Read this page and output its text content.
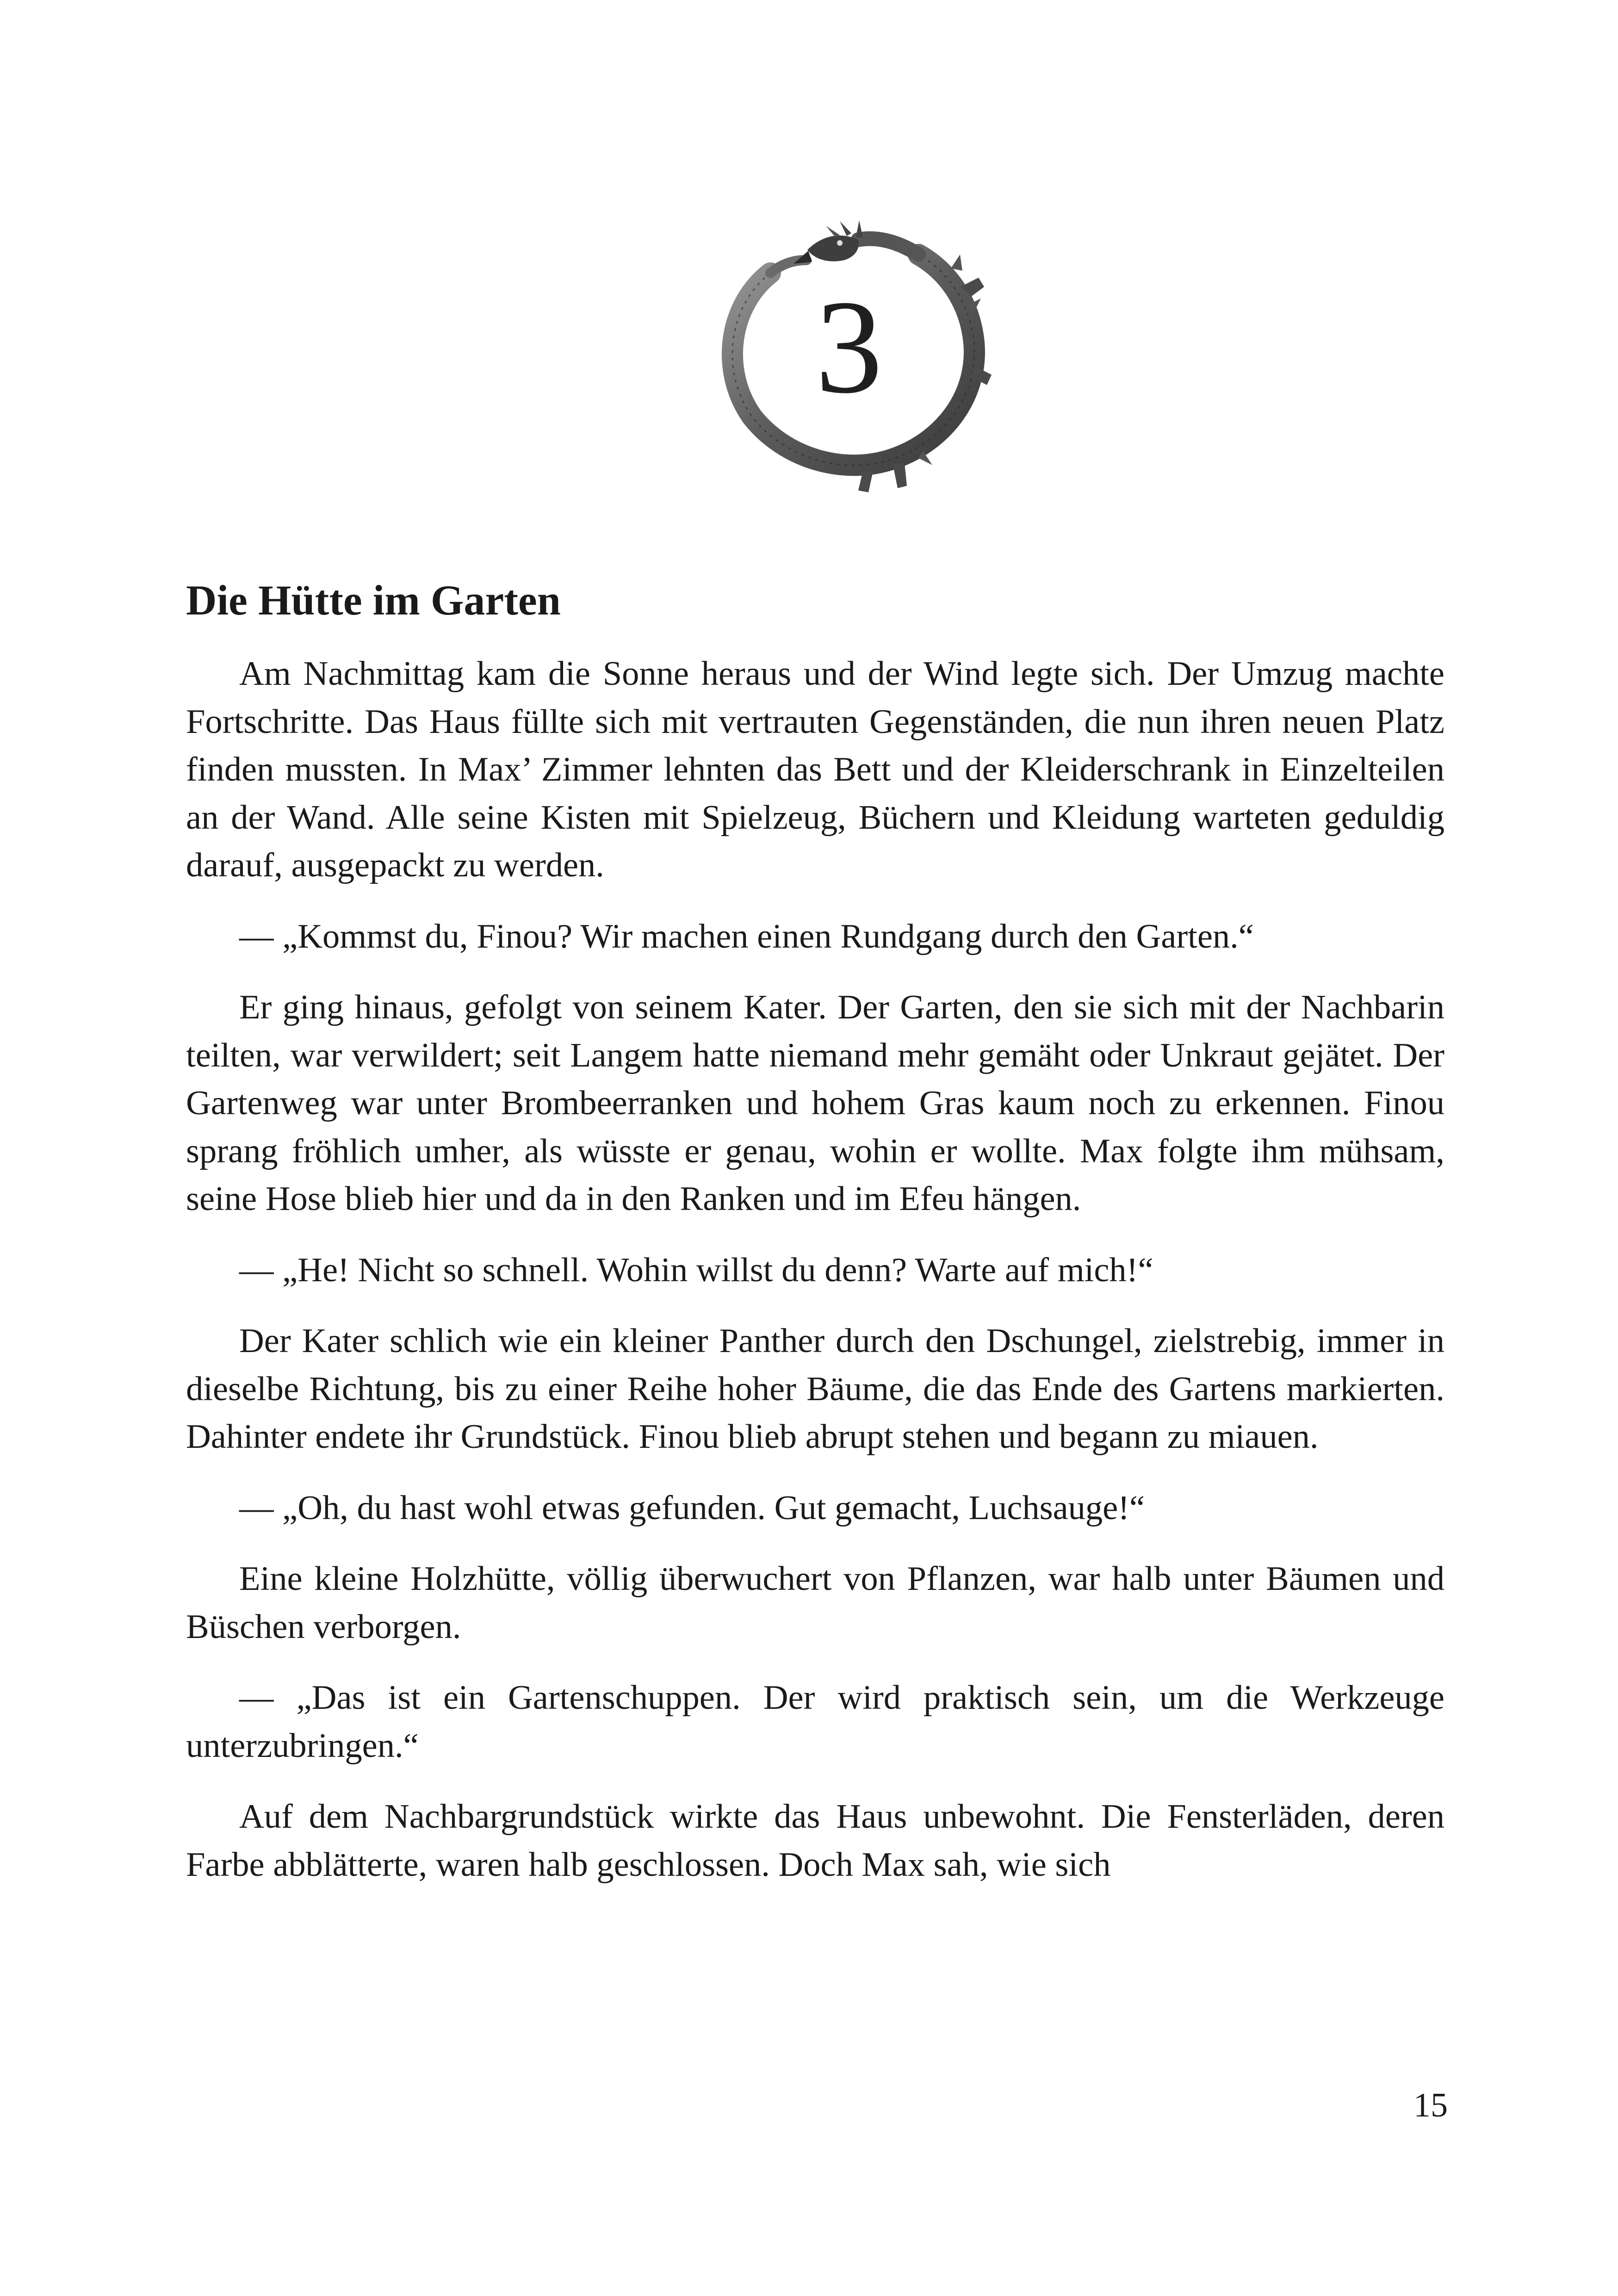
3
Die Hütte im Garten

Am Nachmittag kam die Sonne heraus und der Wind legte sich. Der Umzug machte Fortschritte. Das Haus füllte sich mit vertrauten Gegenständen, die nun ihren neuen Platz finden mussten. In Max’ Zimmer lehnten das Bett und der Kleiderschrank in Einzelteilen an der Wand. Alle seine Kisten mit Spielzeug, Büchern und Kleidung warteten geduldig darauf, ausgepackt zu werden.

— „Kommst du, Finou? Wir machen einen Rundgang durch den Garten.“

Er ging hinaus, gefolgt von seinem Kater. Der Garten, den sie sich mit der Nachbarin teilten, war verwildert; seit Langem hatte niemand mehr gemäht oder Unkraut gejätet. Der Gartenweg war unter Brombeerranken und hohem Gras kaum noch zu erkennen. Finou sprang fröhlich umher, als wüsste er genau, wohin er wollte. Max folgte ihm mühsam, seine Hose blieb hier und da in den Ranken und im Efeu hängen.

— „He! Nicht so schnell. Wohin willst du denn? Warte auf mich!“

Der Kater schlich wie ein kleiner Panther durch den Dschungel, zielstrebig, immer in dieselbe Richtung, bis zu einer Reihe hoher Bäume, die das Ende des Gartens markierten. Dahinter endete ihr Grundstück. Finou blieb abrupt stehen und begann zu miauen.

— „Oh, du hast wohl etwas gefunden. Gut gemacht, Luchsauge!“

Eine kleine Holzhütte, völlig überwuchert von Pflanzen, war halb unter Bäumen und Büschen verborgen.

— „Das ist ein Gartenschuppen. Der wird praktisch sein, um die Werkzeuge unterzubringen.“

Auf dem Nachbargrundstück wirkte das Haus unbewohnt. Die Fensterläden, deren Farbe abblätterte, waren halb geschlossen. Doch Max sah, wie sich

15
